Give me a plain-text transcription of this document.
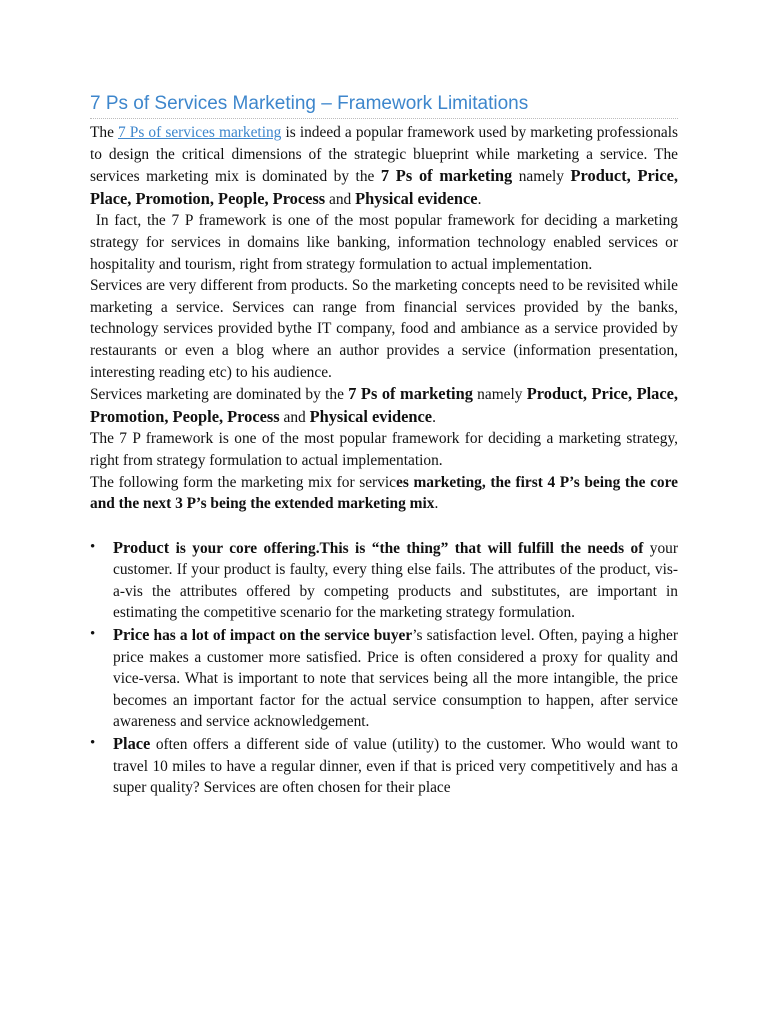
7 Ps of Services Marketing – Framework Limitations

The 7 Ps of services marketing is indeed a popular framework used by marketing professionals to design the critical dimensions of the strategic blueprint while marketing a service. The services marketing mix is dominated by the 7 Ps of marketing namely Product, Price, Place, Promotion, People, Process and Physical evidence.

In fact, the 7 P framework is one of the most popular framework for deciding a marketing strategy for services in domains like banking, information technology enabled services or hospitality and tourism, right from strategy formulation to actual implementation.

Services are very different from products. So the marketing concepts need to be revisited while marketing a service. Services can range from financial services provided by the banks, technology services provided bythe IT company, food and ambiance as a service provided by restaurants or even a blog where an author provides a service (information presentation, interesting reading etc) to his audience.

Services marketing are dominated by the 7 Ps of marketing namely Product, Price, Place, Promotion, People, Process and Physical evidence.

The 7 P framework is one of the most popular framework for deciding a marketing strategy, right from strategy formulation to actual implementation.

The following form the marketing mix for services marketing, the first 4 P’s being the core and the next 3 P’s being the extended marketing mix.

• Product is your core offering.This is “the thing” that will fulfill the needs of your customer. If your product is faulty, every thing else fails. The attributes of the product, vis-a-vis the attributes offered by competing products and substitutes, are important in estimating the competitive scenario for the marketing strategy formulation.

• Price has a lot of impact on the service buyer’s satisfaction level. Often, paying a higher price makes a customer more satisfied. Price is often considered a proxy for quality and vice-versa. What is important to note that services being all the more intangible, the price becomes an important factor for the actual service consumption to happen, after service awareness and service acknowledgement.

• Place often offers a different side of value (utility) to the customer. Who would want to travel 10 miles to have a regular dinner, even if that is priced very competitively and has a super quality? Services are often chosen for their place
